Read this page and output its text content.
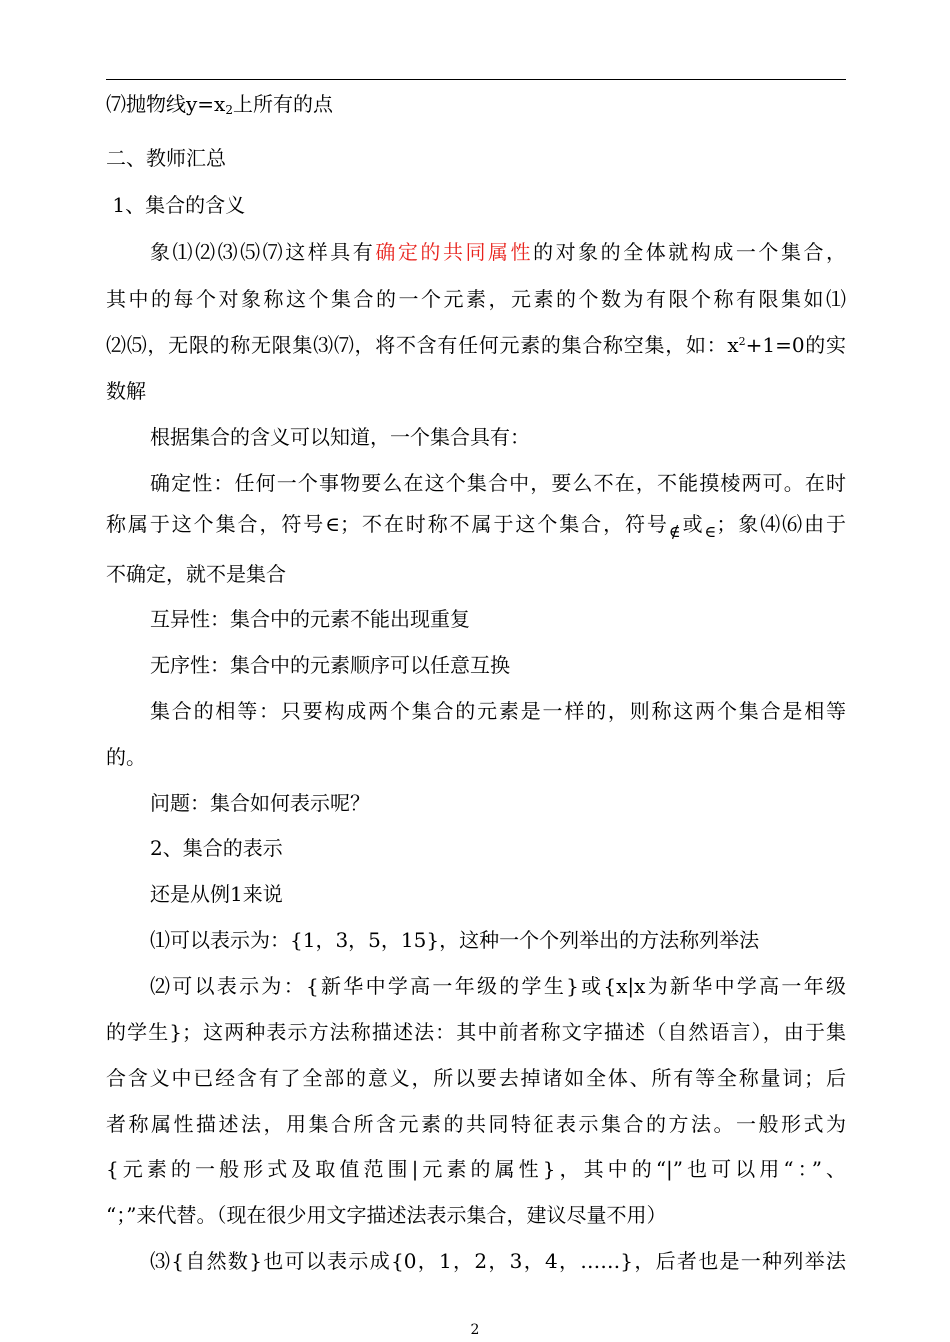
⑺抛物线$y=x_2$上所有的点
二、教师汇总
1、集合的含义
象⑴⑵⑶⑸⑺这样具有确定的共同属性的对象的全体就构成一个集合，
其中的每个对象称这个集合的一个元素，元素的个数为有限个称有限集如⑴
⑵⑸，无限的称无限集⑶⑺，将不含有任何元素的集合称空集，如：$x^2+1=0$的实
数解
根据集合的含义可以知道，一个集合具有：
确定性：任何一个事物要么在这个集合中，要么不在，不能摸棱两可。在时
称属于这个集合，符号∈；不在时称不属于这个集合，符号∉或∈；象⑷⑹由于
不确定，就不是集合
互异性：集合中的元素不能出现重复
无序性：集合中的元素顺序可以任意互换
集合的相等：只要构成两个集合的元素是一样的，则称这两个集合是相等
的。
问题：集合如何表示呢？
2、集合的表示
还是从例1来说
⑴可以表示为：{1，3，5，15}，这种一个个列举出的方法称列举法
⑵可以表示为：{新华中学高一年级的学生}或{x|x为新华中学高一年级
的学生}；这两种表示方法称描述法：其中前者称文字描述（自然语言），由于集
合含义中已经含有了全部的意义，所以要去掉诸如全体、所有等全称量词；后
者称属性描述法，用集合所含元素的共同特征表示集合的方法。一般形式为
{元素的一般形式及取值范围|元素的属性}，其中的“|”也可以用“：”、
“；”来代替。（现在很少用文字描述法表示集合，建议尽量不用）
⑶{自然数}也可以表示成{0，1，2，3，4，……}，后者也是一种列举法
2
